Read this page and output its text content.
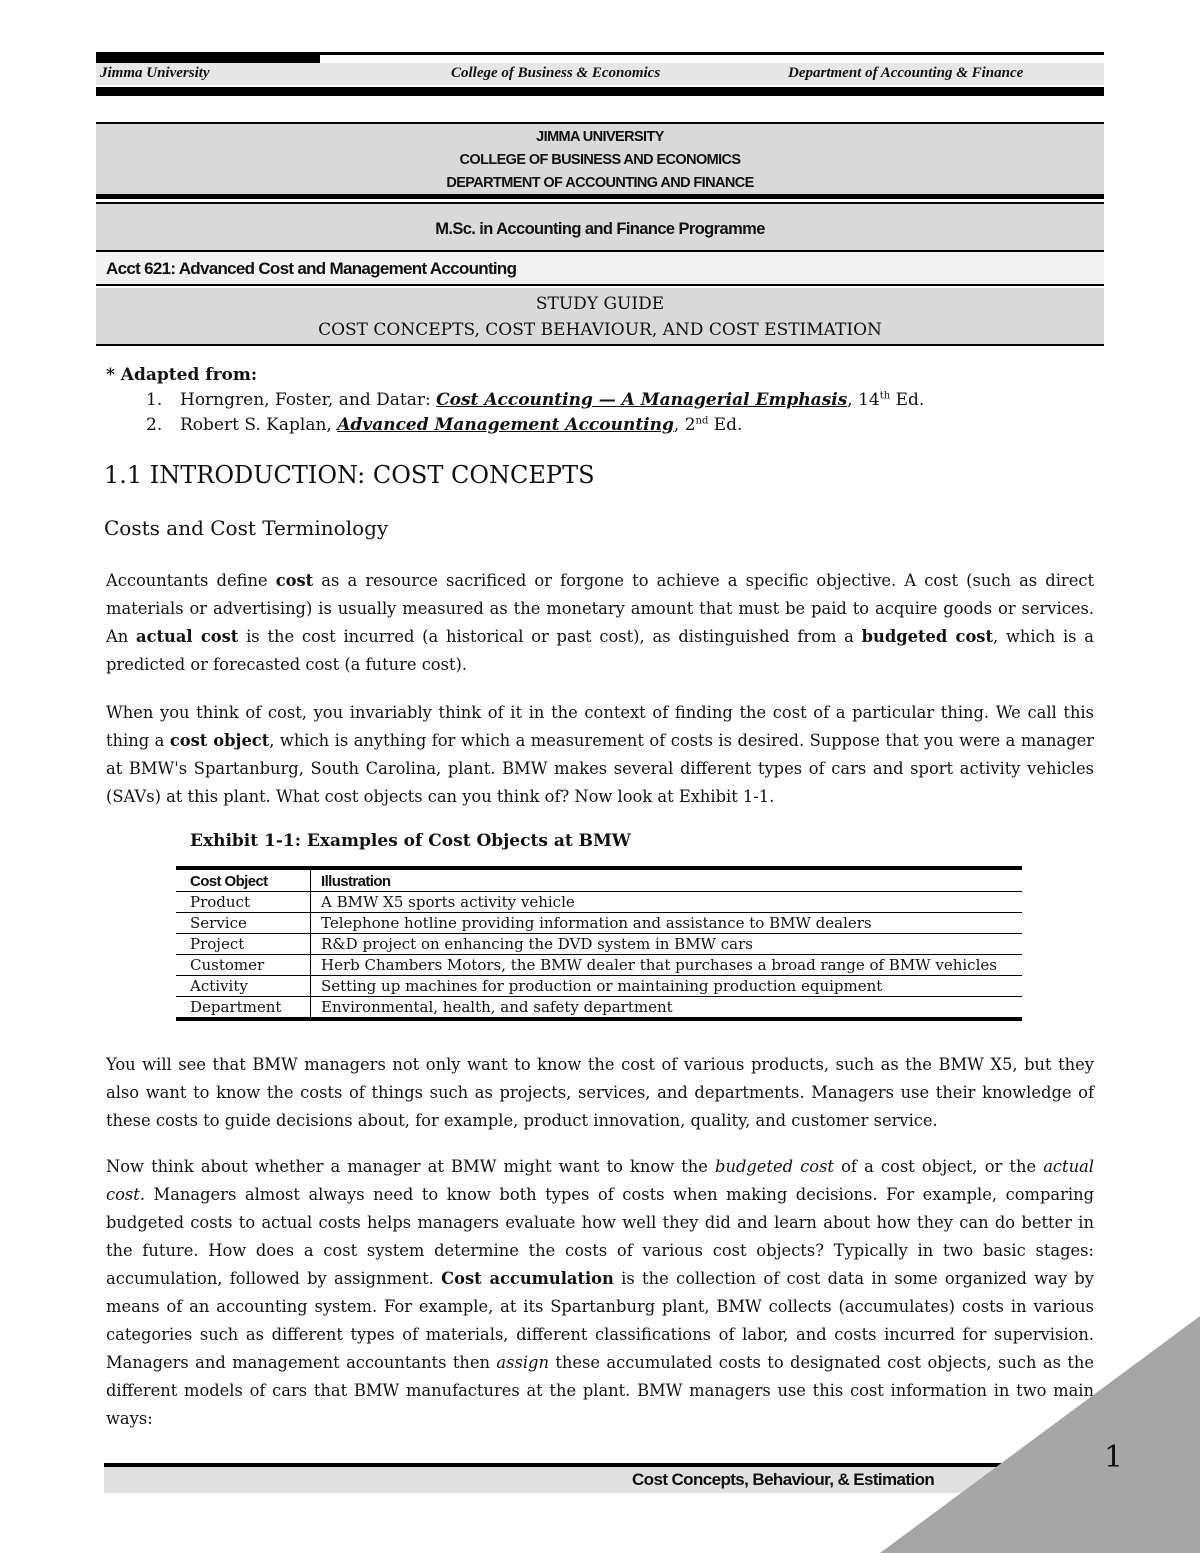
Jimma University	College of Business & Economics	Department of Accounting & Finance
JIMMA UNIVERSITY
COLLEGE OF BUSINESS AND ECONOMICS
DEPARTMENT OF ACCOUNTING AND FINANCE
M.Sc. in Accounting and Finance Programme
Acct 621: Advanced Cost and Management Accounting
STUDY GUIDE
COST CONCEPTS, COST BEHAVIOUR, AND COST ESTIMATION
* Adapted from:
1. Horngren, Foster, and Datar: Cost Accounting — A Managerial Emphasis, 14th Ed.
2. Robert S. Kaplan, Advanced Management Accounting, 2nd Ed.
1.1 INTRODUCTION: COST CONCEPTS
Costs and Cost Terminology

Accountants define cost as a resource sacrificed or forgone to achieve a specific objective. A cost (such as direct materials or advertising) is usually measured as the monetary amount that must be paid to acquire goods or services. An actual cost is the cost incurred (a historical or past cost), as distinguished from a budgeted cost, which is a predicted or forecasted cost (a future cost).

When you think of cost, you invariably think of it in the context of finding the cost of a particular thing. We call this thing a cost object, which is anything for which a measurement of costs is desired. Suppose that you were a manager at BMW's Spartanburg, South Carolina, plant. BMW makes several different types of cars and sport activity vehicles (SAVs) at this plant. What cost objects can you think of? Now look at Exhibit 1-1.

Exhibit 1-1: Examples of Cost Objects at BMW
Cost Object	Illustration
Product	A BMW X5 sports activity vehicle
Service	Telephone hotline providing information and assistance to BMW dealers
Project	R&D project on enhancing the DVD system in BMW cars
Customer	Herb Chambers Motors, the BMW dealer that purchases a broad range of BMW vehicles
Activity	Setting up machines for production or maintaining production equipment
Department	Environmental, health, and safety department

You will see that BMW managers not only want to know the cost of various products, such as the BMW X5, but they also want to know the costs of things such as projects, services, and departments. Managers use their knowledge of these costs to guide decisions about, for example, product innovation, quality, and customer service.

Now think about whether a manager at BMW might want to know the budgeted cost of a cost object, or the actual cost. Managers almost always need to know both types of costs when making decisions. For example, comparing budgeted costs to actual costs helps managers evaluate how well they did and learn about how they can do better in the future. How does a cost system determine the costs of various cost objects? Typically in two basic stages: accumulation, followed by assignment. Cost accumulation is the collection of cost data in some organized way by means of an accounting system. For example, at its Spartanburg plant, BMW collects (accumulates) costs in various categories such as different types of materials, different classifications of labor, and costs incurred for supervision. Managers and management accountants then assign these accumulated costs to designated cost objects, such as the different models of cars that BMW manufactures at the plant. BMW managers use this cost information in two main ways:

Cost Concepts, Behaviour, & Estimation
1
